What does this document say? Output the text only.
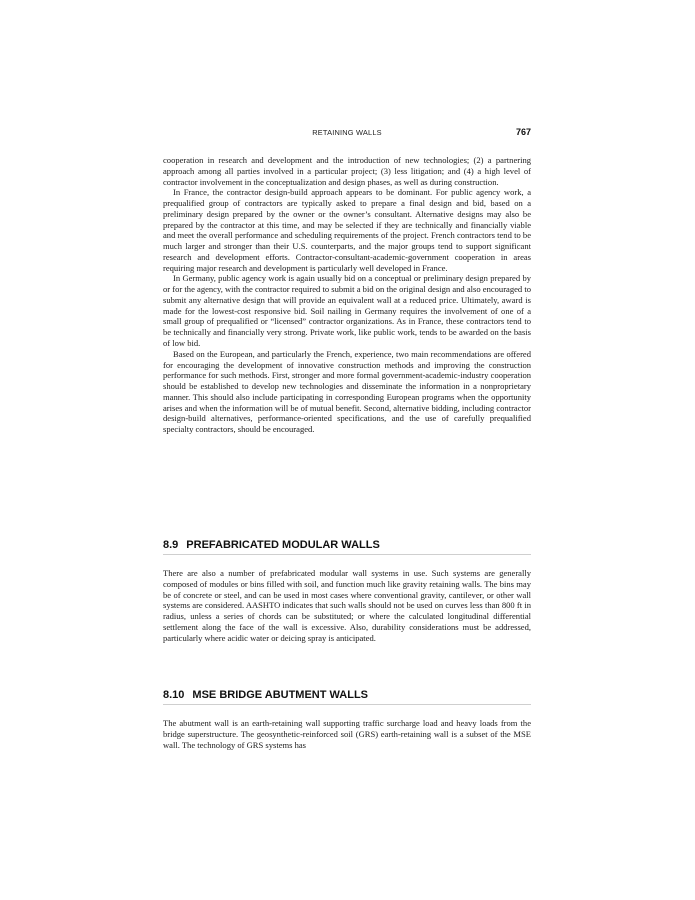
RETAINING WALLS	767

cooperation in research and development and the introduction of new technologies; (2) a partnering approach among all parties involved in a particular project; (3) less litigation; and (4) a high level of contractor involvement in the conceptualization and design phases, as well as during construction.

In France, the contractor design-build approach appears to be dominant. For public agency work, a prequalified group of contractors are typically asked to prepare a final design and bid, based on a preliminary design prepared by the owner or the owner’s consultant. Alternative designs may also be prepared by the contractor at this time, and may be selected if they are technically and financially viable and meet the overall performance and scheduling requirements of the project. French contractors tend to be much larger and stronger than their U.S. counterparts, and the major groups tend to support significant research and development efforts. Contractor-consultant-academic-government cooperation in areas requiring major research and development is particularly well developed in France.

In Germany, public agency work is again usually bid on a conceptual or preliminary design prepared by or for the agency, with the contractor required to submit a bid on the original design and also encouraged to submit any alternative design that will provide an equivalent wall at a reduced price. Ultimately, award is made for the lowest-cost responsive bid. Soil nailing in Germany requires the involvement of one of a small group of prequalified or “licensed” contractor organizations. As in France, these contractors tend to be technically and financially very strong. Private work, like public work, tends to be awarded on the basis of low bid.

Based on the European, and particularly the French, experience, two main recommendations are offered for encouraging the development of innovative construction methods and improving the construction performance for such methods. First, stronger and more formal government-academic-industry cooperation should be established to develop new technologies and disseminate the information in a nonproprietary manner. This should also include participating in corresponding European programs when the opportunity arises and when the information will be of mutual benefit. Second, alternative bidding, including contractor design-build alternatives, performance-oriented specifications, and the use of carefully prequalified specialty contractors, should be encouraged.

8.9 PREFABRICATED MODULAR WALLS

There are also a number of prefabricated modular wall systems in use. Such systems are generally composed of modules or bins filled with soil, and function much like gravity retaining walls. The bins may be of concrete or steel, and can be used in most cases where conventional gravity, cantilever, or other wall systems are considered. AASHTO indicates that such walls should not be used on curves less than 800 ft in radius, unless a series of chords can be substituted; or where the calculated longitudinal differential settlement along the face of the wall is excessive. Also, durability considerations must be addressed, particularly where acidic water or deicing spray is anticipated.

8.10 MSE BRIDGE ABUTMENT WALLS

The abutment wall is an earth-retaining wall supporting traffic surcharge load and heavy loads from the bridge superstructure. The geosynthetic-reinforced soil (GRS) earth-retaining wall is a subset of the MSE wall. The technology of GRS systems has
